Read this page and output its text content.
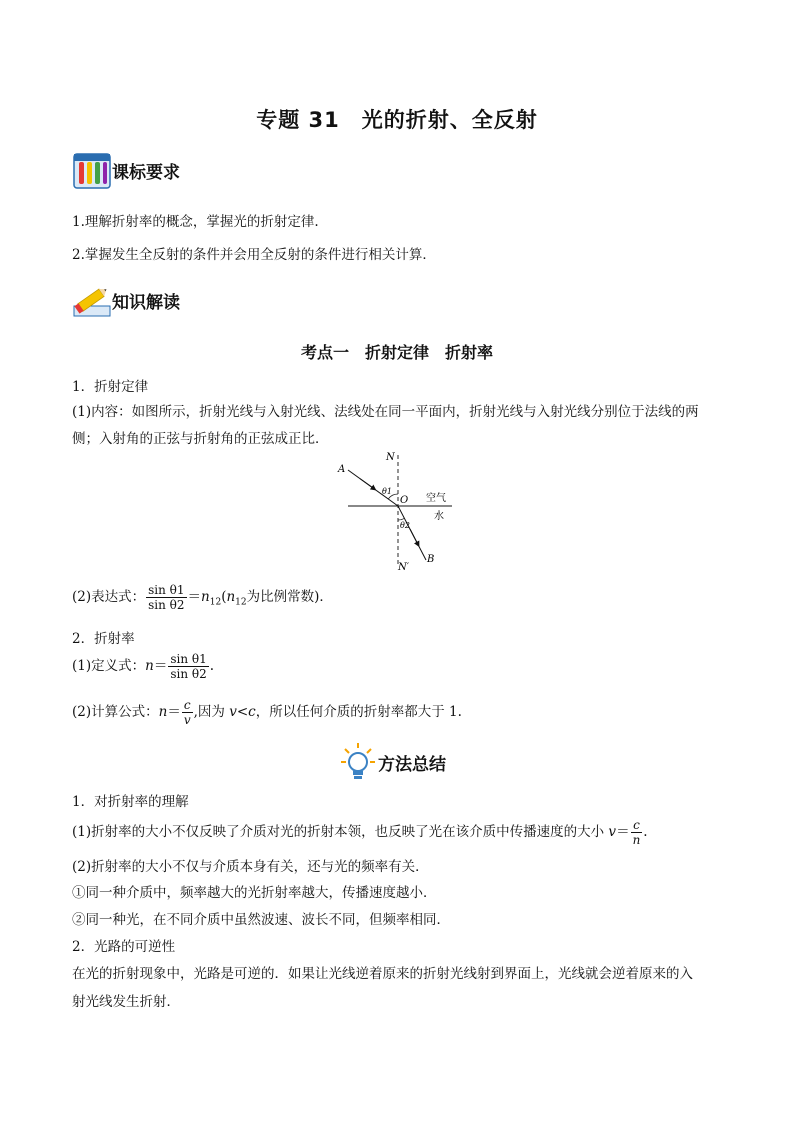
专题 31　光的折射、全反射
课标要求
1.理解折射率的概念，掌握光的折射定律.
2.掌握发生全反射的条件并会用全反射的条件进行相关计算．
知识解读
考点一　折射定律　折射率
1．折射定律
(1)内容：如图所示，折射光线与入射光线、法线处在同一平面内，折射光线与入射光线分别位于法线的两
侧；入射角的正弦与折射角的正弦成正比．
A
N
O
θ1
θ2
空气
水
B
N′
(2)表达式： $\frac{\text{sin θ1}}{\text{sin θ2}} =n_{12}(n_{12}$为比例常数)．
2．折射率
(1)定义式：$n= \frac{\text{sin θ1}}{\text{sin θ2}}$ .
(2)计算公式：$n= \frac{c}{v}$ ,因为 v<c，所以任何介质的折射率都大于 1.
方法总结
1．对折射率的理解
(1)折射率的大小不仅反映了介质对光的折射本领，也反映了光在该介质中传播速度的大小 $v= \frac{c}{n}$ .
(2)折射率的大小不仅与介质本身有关，还与光的频率有关．
①同一种介质中，频率越大的光折射率越大，传播速度越小．
②同一种光，在不同介质中虽然波速、波长不同，但频率相同．
2．光路的可逆性
在光的折射现象中，光路是可逆的．如果让光线逆着原来的折射光线射到界面上，光线就会逆着原来的入
射光线发生折射．
